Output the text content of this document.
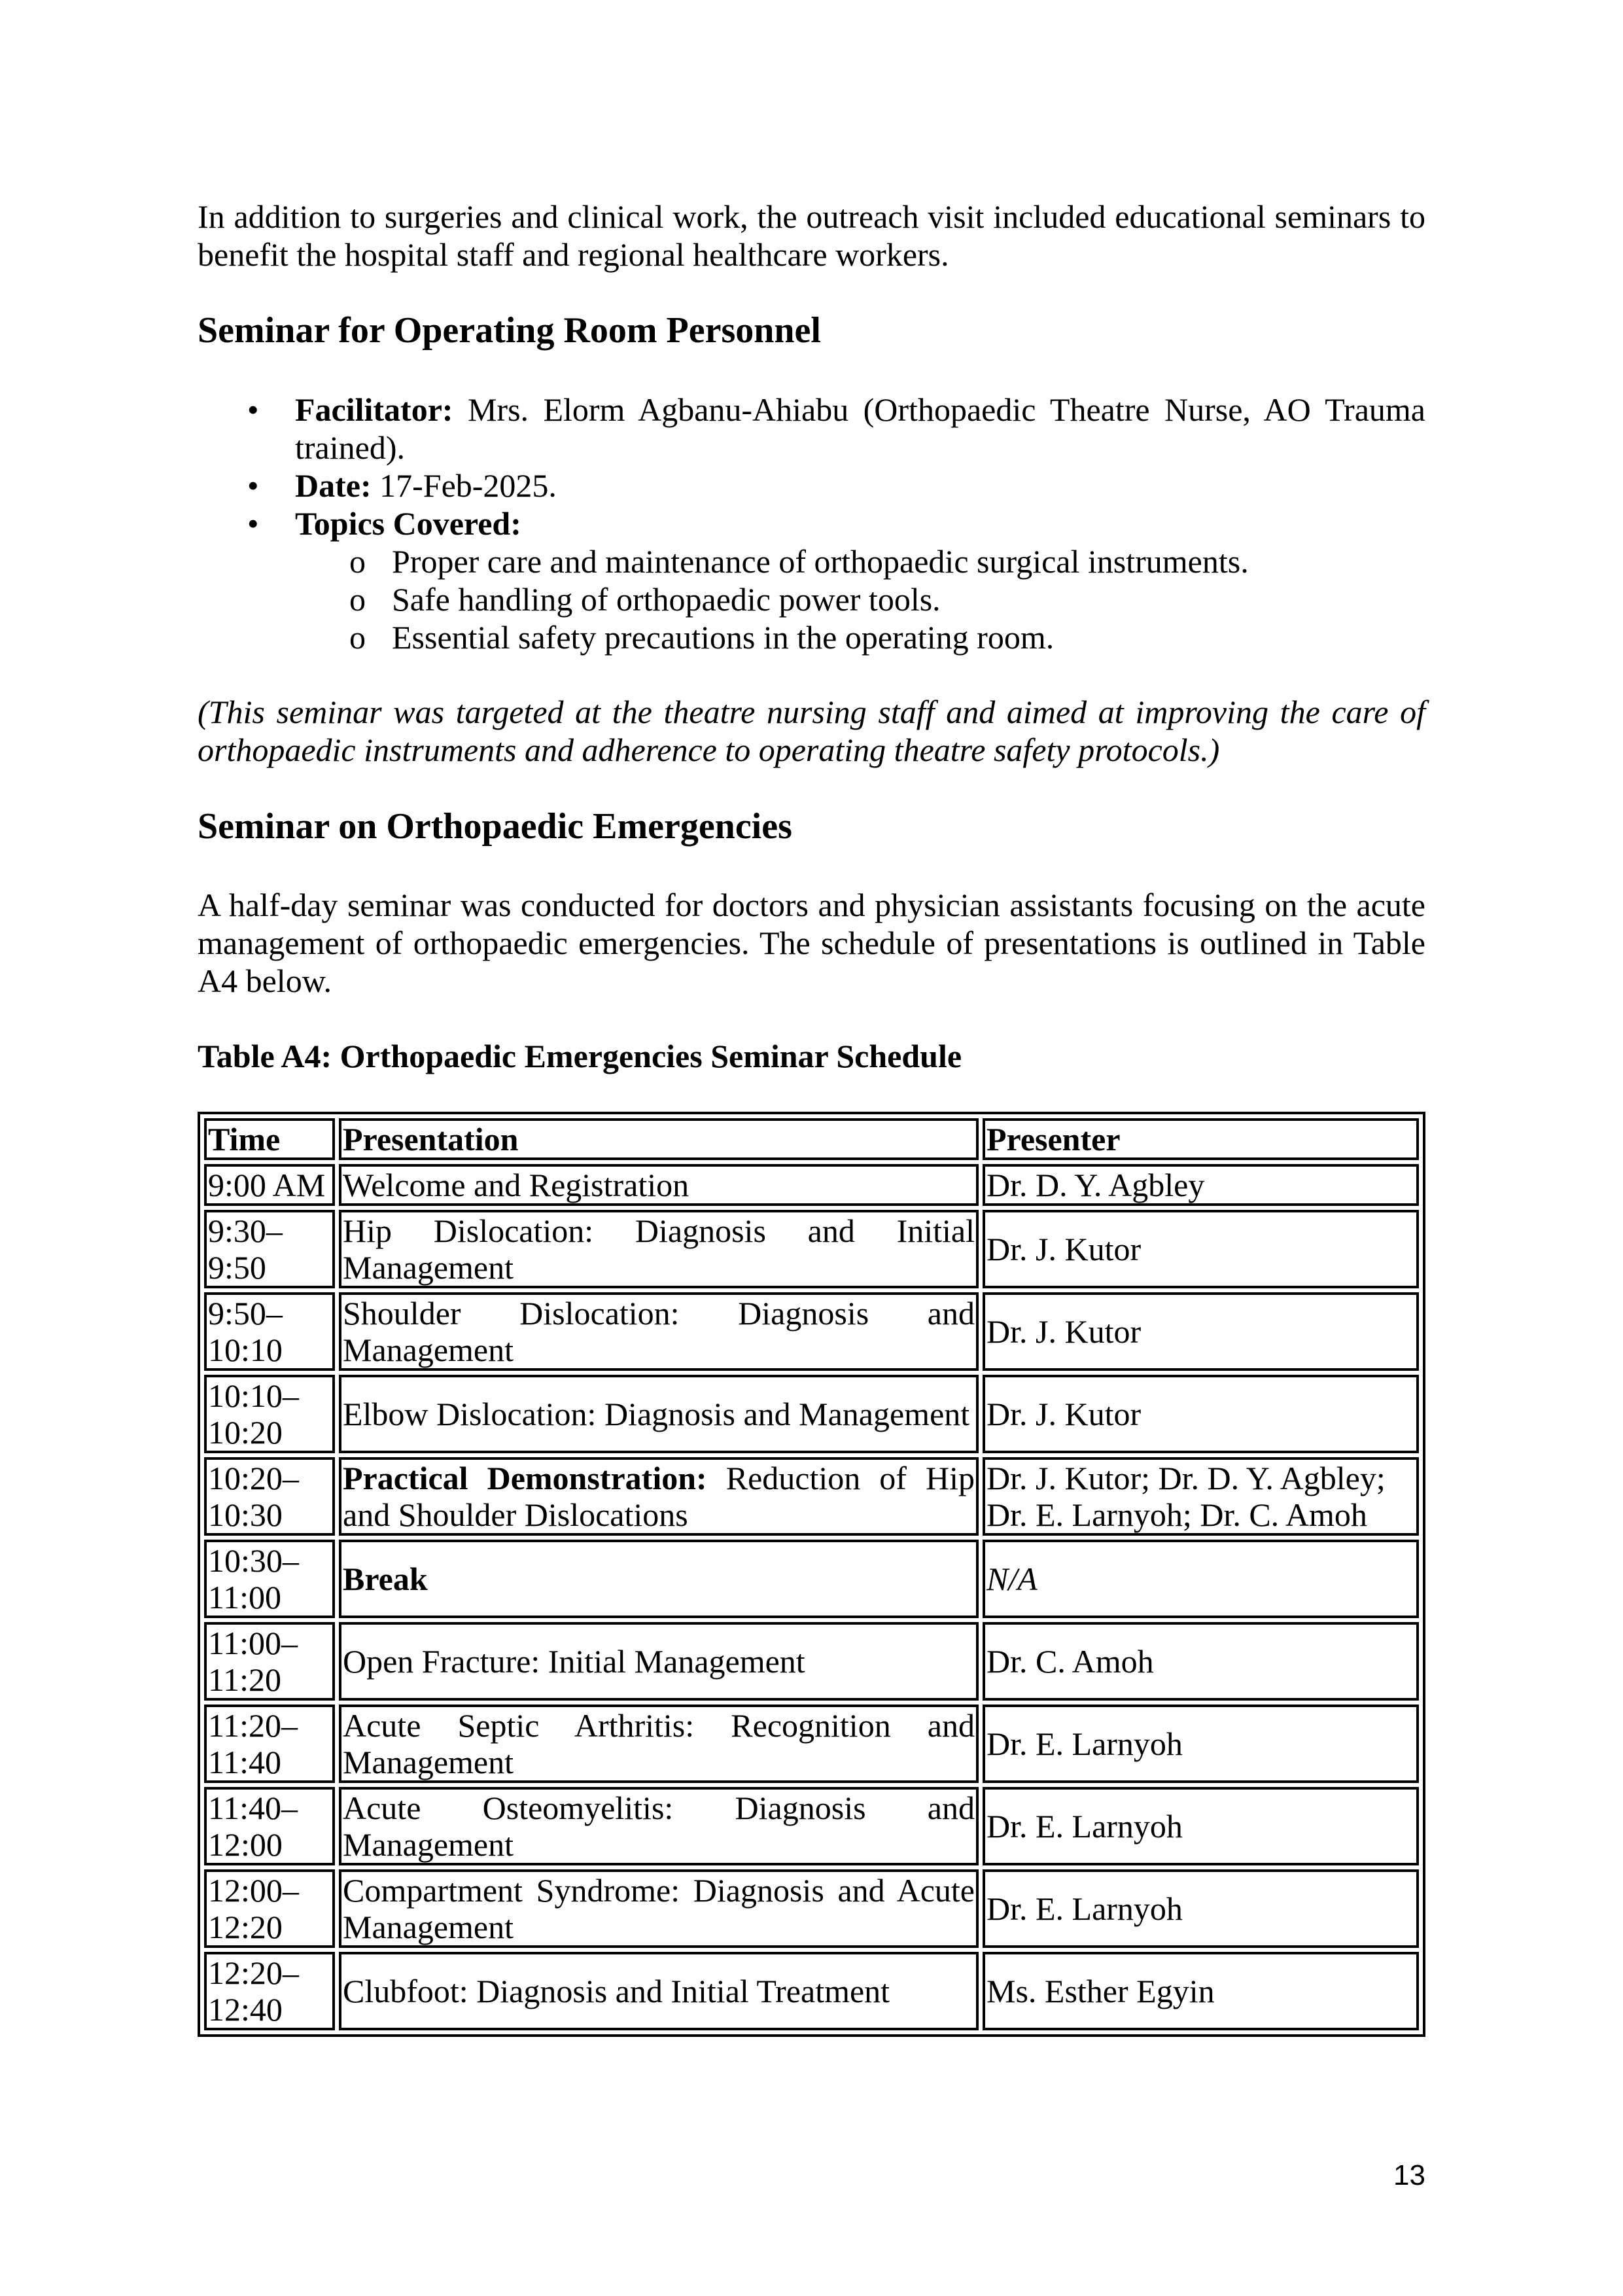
In addition to surgeries and clinical work, the outreach visit included educational seminars to benefit the hospital staff and regional healthcare workers.

Seminar for Operating Room Personnel
• Facilitator: Mrs. Elorm Agbanu-Ahiabu (Orthopaedic Theatre Nurse, AO Trauma trained).
• Date: 17-Feb-2025.
• Topics Covered:
o Proper care and maintenance of orthopaedic surgical instruments.
o Safe handling of orthopaedic power tools.
o Essential safety precautions in the operating room.

(This seminar was targeted at the theatre nursing staff and aimed at improving the care of orthopaedic instruments and adherence to operating theatre safety protocols.)

Seminar on Orthopaedic Emergencies

A half-day seminar was conducted for doctors and physician assistants focusing on the acute management of orthopaedic emergencies. The schedule of presentations is outlined in Table A4 below.

Table A4: Orthopaedic Emergencies Seminar Schedule
Time	Presentation	Presenter
9:00 AM	Welcome and Registration	Dr. D. Y. Agbley
9:30–9:50	Hip Dislocation: Diagnosis and Initial Management	Dr. J. Kutor
9:50–10:10	Shoulder Dislocation: Diagnosis and Management	Dr. J. Kutor
10:10–10:20	Elbow Dislocation: Diagnosis and Management	Dr. J. Kutor
10:20–10:30	Practical Demonstration: Reduction of Hip and Shoulder Dislocations	Dr. J. Kutor; Dr. D. Y. Agbley; Dr. E. Larnyoh; Dr. C. Amoh
10:30–11:00	Break	N/A
11:00–11:20	Open Fracture: Initial Management	Dr. C. Amoh
11:20–11:40	Acute Septic Arthritis: Recognition and Management	Dr. E. Larnyoh
11:40–12:00	Acute Osteomyelitis: Diagnosis and Management	Dr. E. Larnyoh
12:00–12:20	Compartment Syndrome: Diagnosis and Acute Management	Dr. E. Larnyoh
12:20–12:40	Clubfoot: Diagnosis and Initial Treatment	Ms. Esther Egyin
13
